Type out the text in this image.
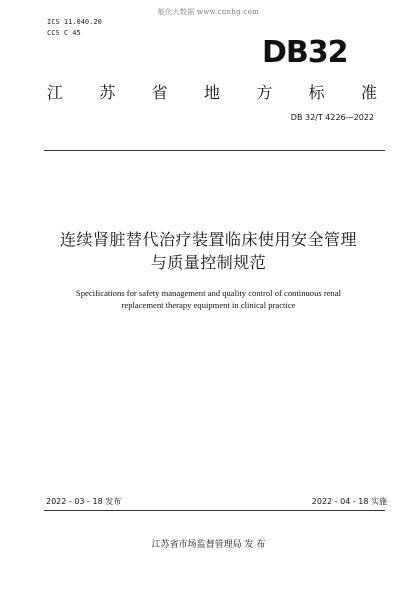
能化大数据 www.cnnhg.com
ICS 11.040.20
CCS C 45
DB32
江 苏 省 地 方 标 准
DB 32/T 4226—2022
连续肾脏替代治疗装置临床使用安全管理
与质量控制规范
Specifications for safety management and quality control of continuous renal
replacement therapy equipment in clinical practice
2022 - 03 - 18 发布	2022 - 04 - 18 实施
江苏省市场监督管理局 发 布
